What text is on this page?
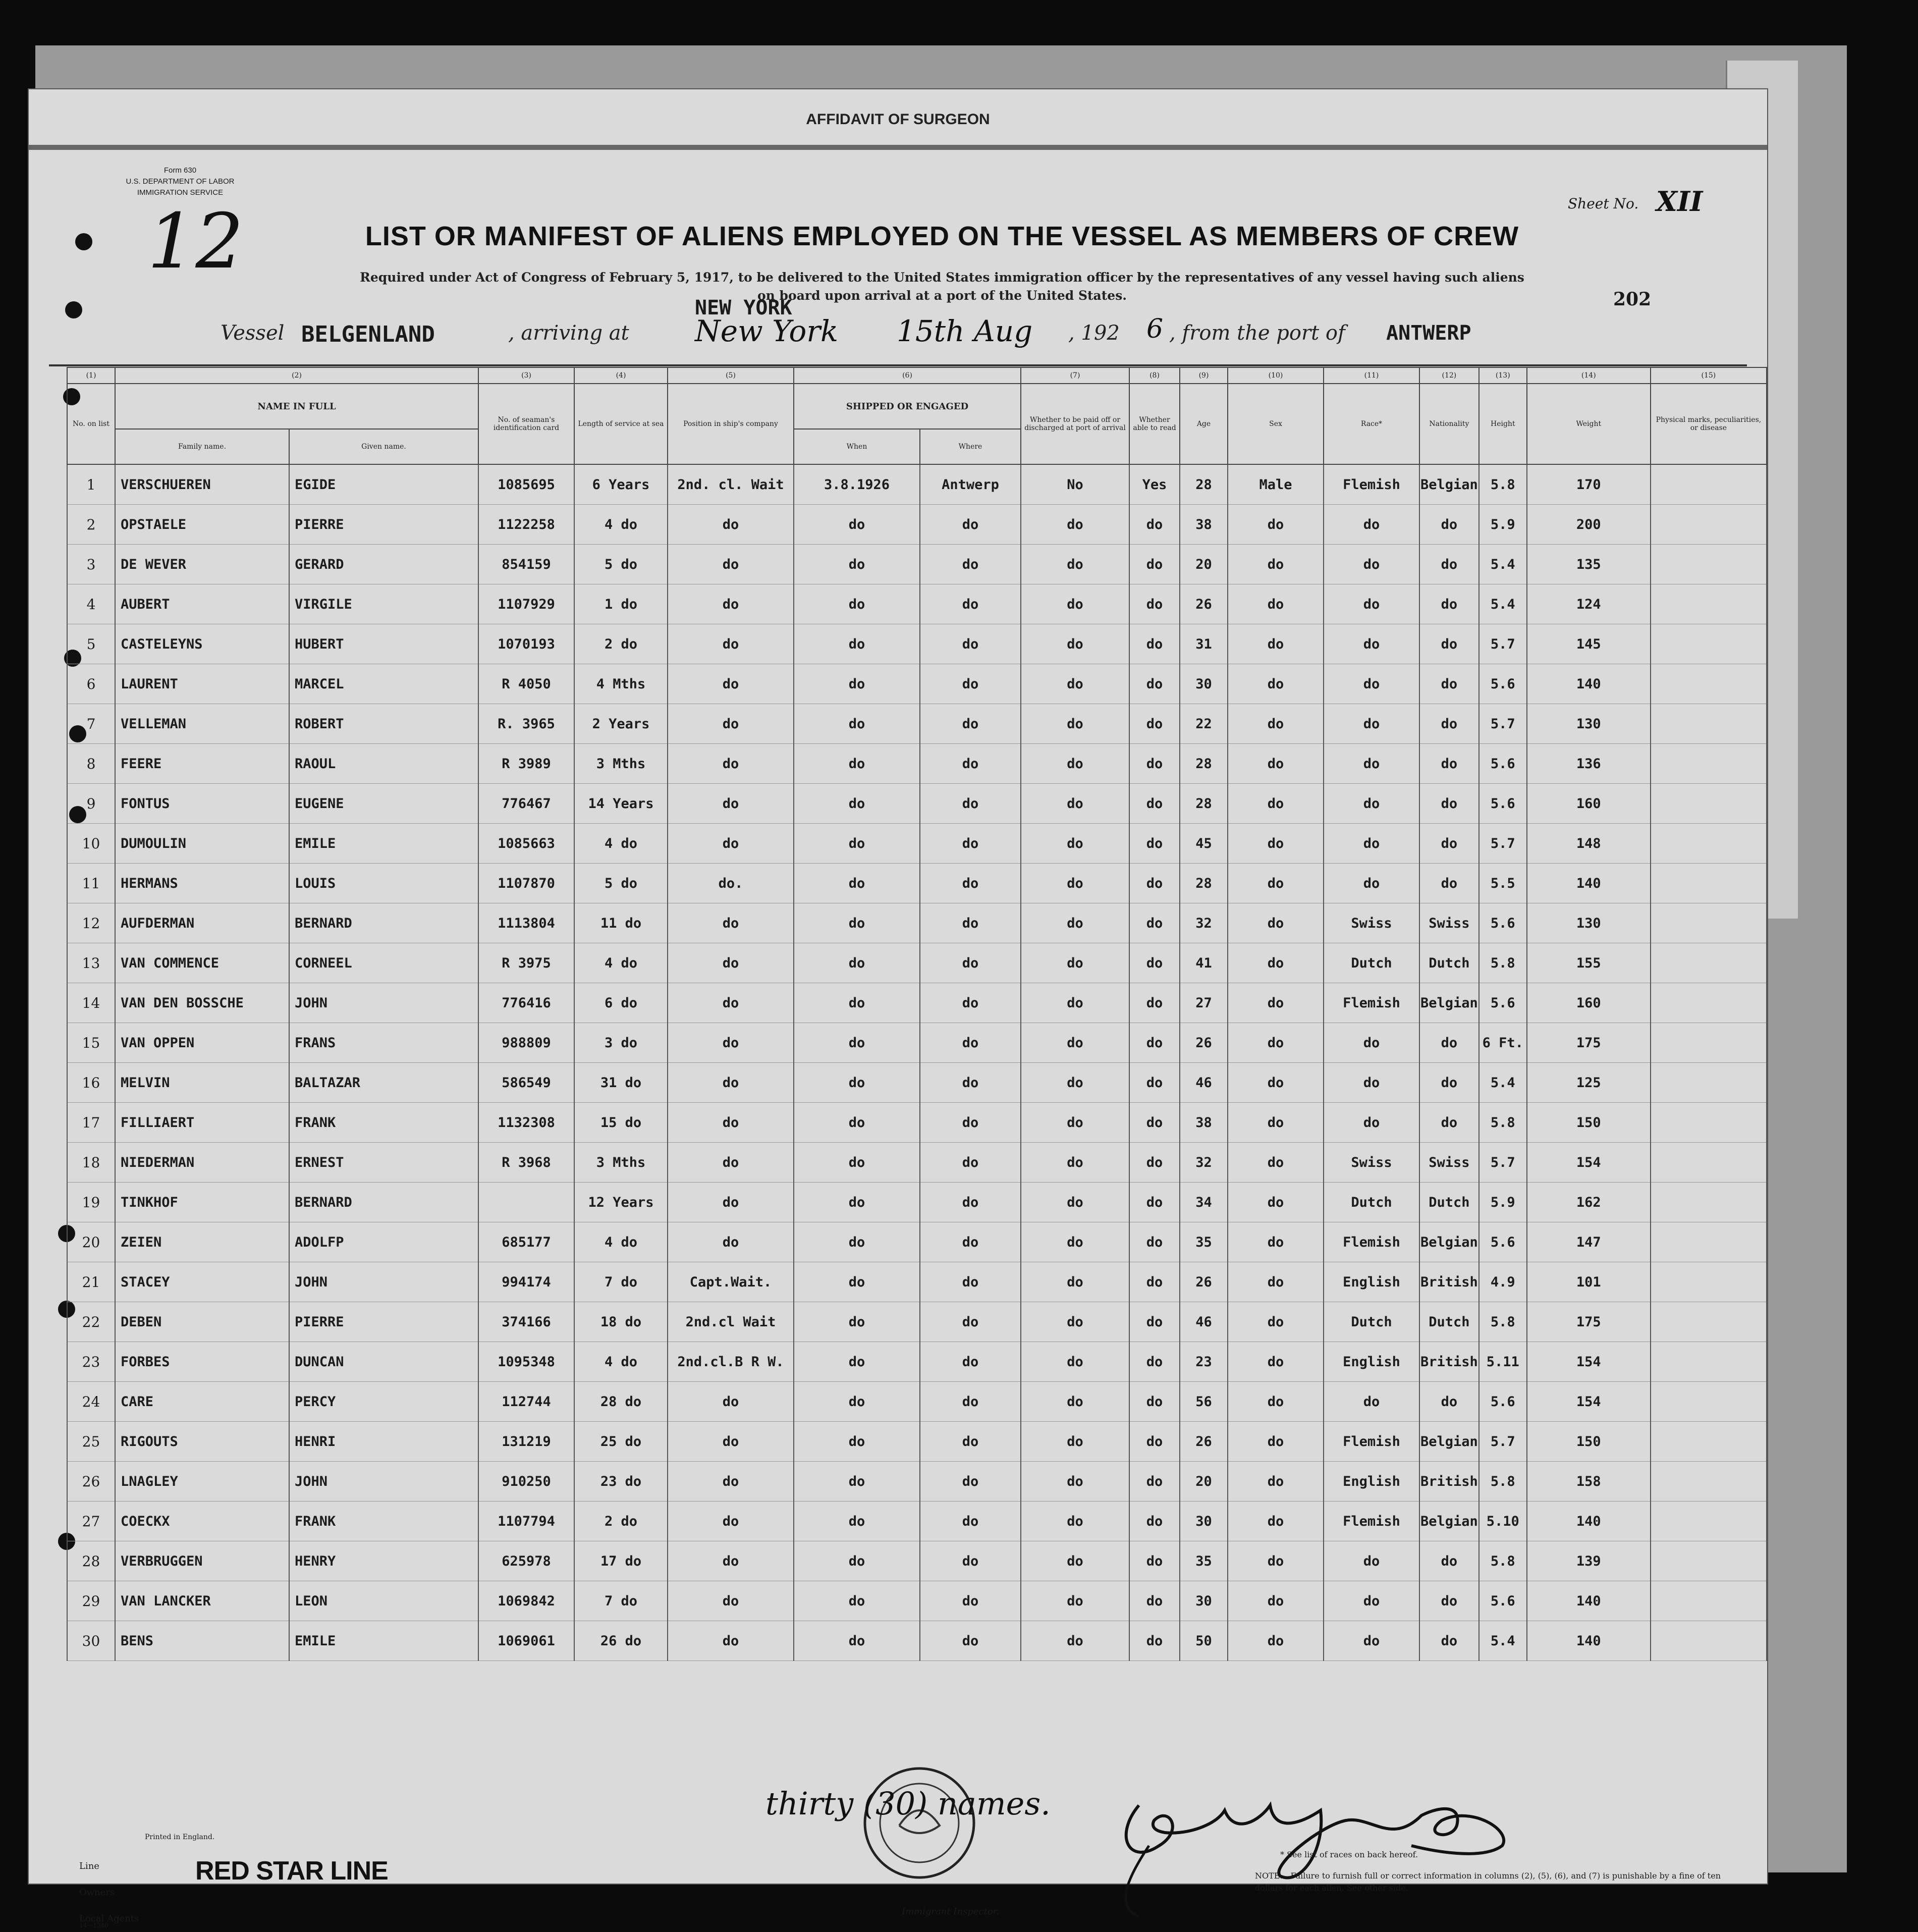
AFFIDAVIT OF SURGEON
Form 630
U.S. DEPARTMENT OF LABOR
IMMIGRATION SERVICE
12	LIST OR MANIFEST OF ALIENS EMPLOYED ON THE VESSEL AS MEMBERS OF CREW
Required under Act of Congress of February 5, 1917, to be delivered to the United States immigration officer by the representatives of any vessel having such aliens
on board upon arrival at a port of the United States.
Sheet No. XII
202
Vessel BELGENLAND	, arriving at
NEW YORK
New York 15th Aug , 192 6 , from the port of ANTWERP
(1)	(2)		(3)	(4)	(5)	(6)		(7)	(8)	(9)	(10)	(11)	(12)	(13)	(14)	(15)
No. on list	NAME IN FULL		No. of seaman's identification card	Length of service at sea	Position in ship's company	SHIPPED OR ENGAGED		Whether to be paid off or discharged at port of arrival	Whether able to read	Age	Sex	Race*	Nationality	Height	Weight	Physical marks, peculiarities, or disease
	Family name.	Given name.				When	Where									
1	VERSCHUEREN	EGIDE	1085695	6 Years	2nd. cl. Wait	3.8.1926	Antwerp	No	Yes	28	Male	Flemish	Belgian	5.8	170	
2	OPSTAELE	PIERRE	1122258	4 do	do	do	do	do	do	38	do	do	do	5.9	200	
3	DE WEVER	GERARD	854159	5 do	do	do	do	do	do	20	do	do	do	5.4	135	
4	AUBERT	VIRGILE	1107929	1 do	do	do	do	do	do	26	do	do	do	5.4	124	
5	CASTELEYNS	HUBERT	1070193	2 do	do	do	do	do	do	31	do	do	do	5.7	145	
6	LAURENT	MARCEL	R 4050	4 Mths	do	do	do	do	do	30	do	do	do	5.6	140	
7	VELLEMAN	ROBERT	R. 3965	2 Years	do	do	do	do	do	22	do	do	do	5.7	130	
8	FEERE	RAOUL	R 3989	3 Mths	do	do	do	do	do	28	do	do	do	5.6	136	
9	FONTUS	EUGENE	776467	14 Years	do	do	do	do	do	28	do	do	do	5.6	160	
10	DUMOULIN	EMILE	1085663	4 do	do	do	do	do	do	45	do	do	do	5.7	148	
11	HERMANS	LOUIS	1107870	5 do	do.	do	do	do	do	28	do	do	do	5.5	140	
12	AUFDERMAN	BERNARD	1113804	11 do	do	do	do	do	do	32	do	Swiss	Swiss	5.6	130	
13	VAN COMMENCE	CORNEEL	R 3975	4 do	do	do	do	do	do	41	do	Dutch	Dutch	5.8	155	
14	VAN DEN BOSSCHE	JOHN	776416	6 do	do	do	do	do	do	27	do	Flemish	Belgian	5.6	160	
15	VAN OPPEN	FRANS	988809	3 do	do	do	do	do	do	26	do	do	do	6 Ft.	175	
16	MELVIN	BALTAZAR	586549	31 do	do	do	do	do	do	46	do	do	do	5.4	125	
17	FILLIAERT	FRANK	1132308	15 do	do	do	do	do	do	38	do	do	do	5.8	150	
18	NIEDERMAN	ERNEST	R 3968	3 Mths	do	do	do	do	do	32	do	Swiss	Swiss	5.7	154	
19	TINKHOF	BERNARD		12 Years	do	do	do	do	do	34	do	Dutch	Dutch	5.9	162	
20	ZEIEN	ADOLFP	685177	4 do	do	do	do	do	do	35	do	Flemish	Belgian	5.6	147	
21	STACEY	JOHN	994174	7 do	Capt.Wait.	do	do	do	do	26	do	English	British	4.9	101	
22	DEBEN	PIERRE	374166	18 do	2nd.cl Wait	do	do	do	do	46	do	Dutch	Dutch	5.8	175	
23	FORBES	DUNCAN	1095348	4 do	2nd.cl.B R W.	do	do	do	do	23	do	English	British	5.11	154	
24	CARE	PERCY	112744	28 do	do	do	do	do	do	56	do	do	do	5.6	154	
25	RIGOUTS	HENRI	131219	25 do	do	do	do	do	do	26	do	Flemish	Belgian	5.7	150	
26	LNAGLEY	JOHN	910250	23 do	do	do	do	do	do	20	do	English	British	5.8	158	
27	COECKX	FRANK	1107794	2 do	do	do	do	do	do	30	do	Flemish	Belgian	5.10	140	
28	VERBRUGGEN	HENRY	625978	17 do	do	do	do	do	do	35	do	do	do	5.8	139	
29	VAN LANCKER	LEON	1069842	7 do	do	do	do	do	do	30	do	do	do	5.6	140	
30	BENS	EMILE	1069061	26 do	do	do	do	do	do	50	do	do	do	5.4	140	
thirty (30) names.
Printed in England.
Line
Owners
Local Agents
14—1340
RED STAR LINE
Immigrant Inspector.
* See list of races on back hereof.
NOTE.—Failure to furnish full or correct information in columns (2), (5), (6), and (7) is punishable by a fine of ten dollars for each alien. See other side.
